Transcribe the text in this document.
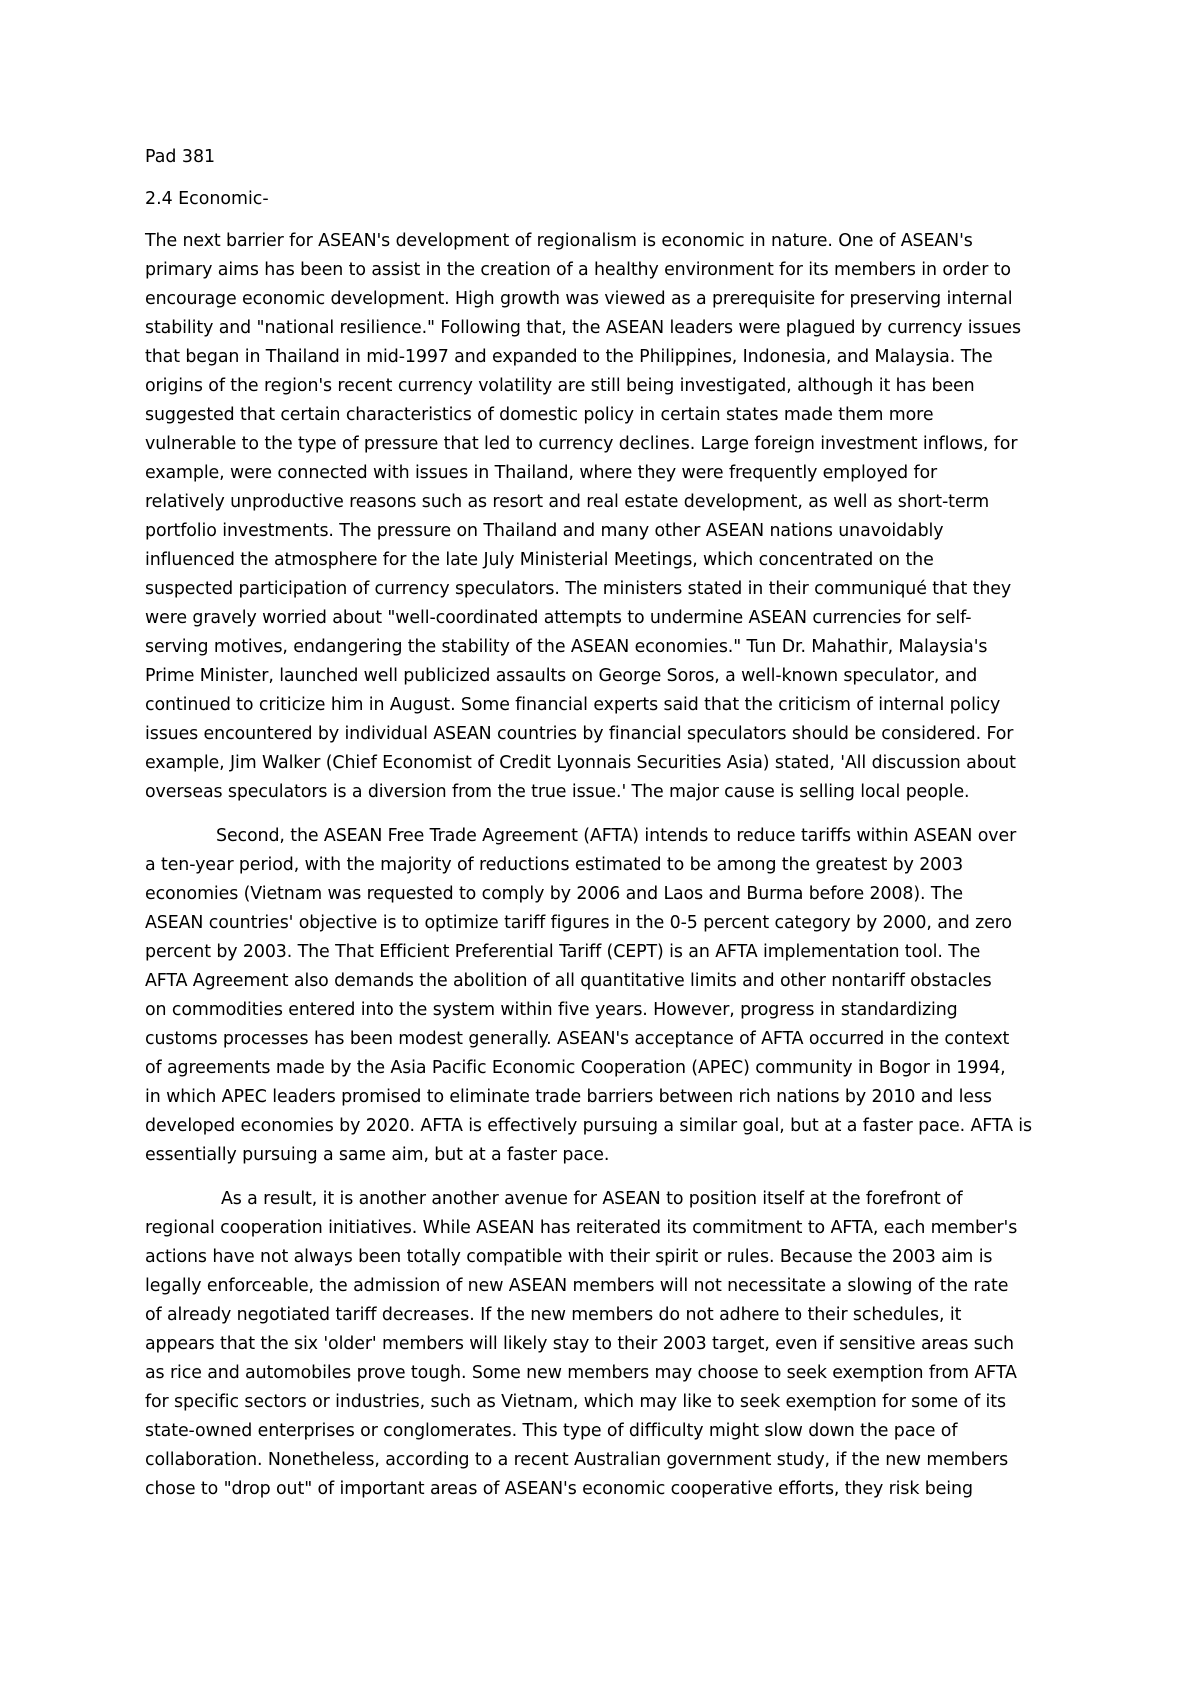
Pad 381
2.4 Economic-
The next barrier for ASEAN's development of regionalism is economic in nature. One of ASEAN's
primary aims has been to assist in the creation of a healthy environment for its members in order to
encourage economic development. High growth was viewed as a prerequisite for preserving internal
stability and "national resilience." Following that, the ASEAN leaders were plagued by currency issues
that began in Thailand in mid-1997 and expanded to the Philippines, Indonesia, and Malaysia. The
origins of the region's recent currency volatility are still being investigated, although it has been
suggested that certain characteristics of domestic policy in certain states made them more
vulnerable to the type of pressure that led to currency declines. Large foreign investment inflows, for
example, were connected with issues in Thailand, where they were frequently employed for
relatively unproductive reasons such as resort and real estate development, as well as short-term
portfolio investments. The pressure on Thailand and many other ASEAN nations unavoidably
influenced the atmosphere for the late July Ministerial Meetings, which concentrated on the
suspected participation of currency speculators. The ministers stated in their communiqué that they
were gravely worried about "well-coordinated attempts to undermine ASEAN currencies for self-
serving motives, endangering the stability of the ASEAN economies." Tun Dr. Mahathir, Malaysia's
Prime Minister, launched well publicized assaults on George Soros, a well-known speculator, and
continued to criticize him in August. Some financial experts said that the criticism of internal policy
issues encountered by individual ASEAN countries by financial speculators should be considered. For
example, Jim Walker (Chief Economist of Credit Lyonnais Securities Asia) stated, 'All discussion about
overseas speculators is a diversion from the true issue.' The major cause is selling local people.
Second, the ASEAN Free Trade Agreement (AFTA) intends to reduce tariffs within ASEAN over
a ten-year period, with the majority of reductions estimated to be among the greatest by 2003
economies (Vietnam was requested to comply by 2006 and Laos and Burma before 2008). The
ASEAN countries' objective is to optimize tariff figures in the 0-5 percent category by 2000, and zero
percent by 2003. The That Efficient Preferential Tariff (CEPT) is an AFTA implementation tool. The
AFTA Agreement also demands the abolition of all quantitative limits and other nontariff obstacles
on commodities entered into the system within five years. However, progress in standardizing
customs processes has been modest generally. ASEAN's acceptance of AFTA occurred in the context
of agreements made by the Asia Pacific Economic Cooperation (APEC) community in Bogor in 1994,
in which APEC leaders promised to eliminate trade barriers between rich nations by 2010 and less
developed economies by 2020. AFTA is effectively pursuing a similar goal, but at a faster pace. AFTA is
essentially pursuing a same aim, but at a faster pace.
As a result, it is another another avenue for ASEAN to position itself at the forefront of
regional cooperation initiatives. While ASEAN has reiterated its commitment to AFTA, each member's
actions have not always been totally compatible with their spirit or rules. Because the 2003 aim is
legally enforceable, the admission of new ASEAN members will not necessitate a slowing of the rate
of already negotiated tariff decreases. If the new members do not adhere to their schedules, it
appears that the six 'older' members will likely stay to their 2003 target, even if sensitive areas such
as rice and automobiles prove tough. Some new members may choose to seek exemption from AFTA
for specific sectors or industries, such as Vietnam, which may like to seek exemption for some of its
state-owned enterprises or conglomerates. This type of difficulty might slow down the pace of
collaboration. Nonetheless, according to a recent Australian government study, if the new members
chose to "drop out" of important areas of ASEAN's economic cooperative efforts, they risk being
